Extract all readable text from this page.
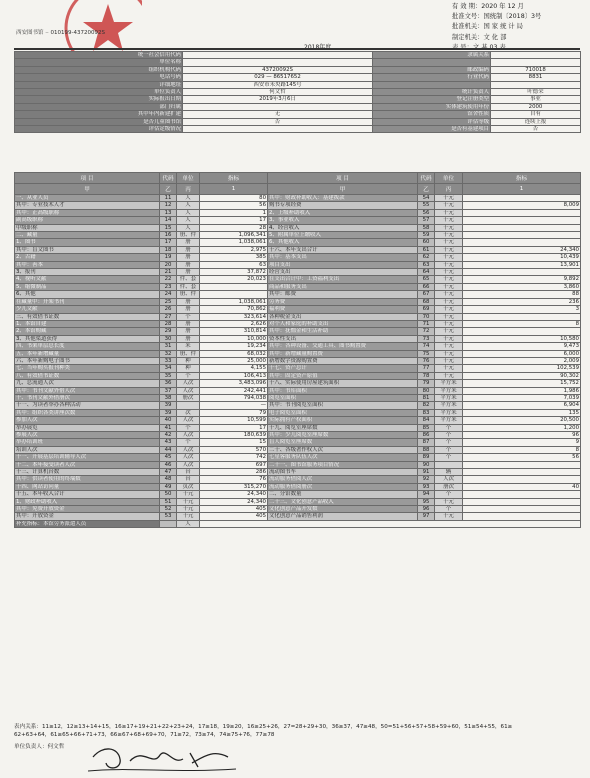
西安图书馆 ·· 010199-43720092S
有 效 期：2020 年 12 月
批准文号：国统制〔2018〕3号
批准机关：国 家 统 计 局
制定机关：文 化 部
统一社会信用代码		隶属关系	
单位名称			
组织机构代码	43720092S	邮政编码	710018
电话号码	029 — 86517652	行业代码	8831
详细地址	西安市未央路145号		
单位负责人	何文哲	统计负责人	叶德荣
实际报出日期	2019年3月6日	登记注册类型	事业
部门归属		实体建筑使用年份	2000
其中年内新建扩建	无	馆舍性质	自有
是否儿童图书馆	否	评估等级	连续上报
评估定级情况		是否有基建项目	否
项 目	代码	单位	指标	项 目	代码	单位	指标
甲	乙	丙	1	甲	乙	丙	1
一、从业人员	11	人	80	其中：财政补助收入：基建拨款	54	千元	
其中：专业技术人才	12	人	56	购书专项经费	55	千元	8,009
其中：正高级职称	13	人	1	2、上级补助收入	56	千元	
副高级职称	14	人	17	3、事业收入	57	千元	
中级职称	15	人	28	4、经营收入	58	千元	
二、藏量	16	册、件	1,096,341	5、附属单位上缴收入	59	千元	
1、图书	17	册	1,038,061	6、其他收入	60	千元	
其中：盲文图书	18	册	2,975	十六、本年支出合计	61	千元	24,340
2、古籍	19	册	385	其中：基本支出	62	千元	10,439
其中：善本	20	册	63	项目支出	63	千元	13,901
3、报刊	21	册	37,872	经营支出	64	千元	
4、视听文献	22	件、套	20,023	在支出合计中：工资福利支出	65	千元	9,892
5、缩微制品	23	件、套		商品和服务支出	66	千元	3,860
6、其他	24	册、件		其中：邮费	67	千元	88
在藏量中：开架书刊	25	册	1,038,061	劳务费	68	千元	236
少儿文献	26	册	70,862	福利费	69	千元	3
三、有效借书证数	27	个	323,614	各种税金支出	70	千元	
1、本馆自建	28	册	2,626	对个人和家庭的补助支出	71	千元	8
2、本馆购藏	29	册	310,814	其中：抚恤金和生活补助	72	千元	
3、其他渠道获得	30	册	10,000	资本性支出	73	千元	10,580
四、书架单层总长度	31	米	19,234	其中：各种设备、交通工具、图书购置费	74	千元	9,473
五、本年新增藏量	32	册、件	68,032	其中：新增藏量购置费	75	千元	6,000
六、本年新购电子图书	33	种	25,000	新增数字资源购置费	76	千元	2,009
七、当年购买报刊种类	34	种	4,155	十七、资产总计	77	千元	102,539
八、有效借书证数	35	个	106,413	其中：固定资产原值	78	千元	90,302
九、总流通人次	36	人次	3,483,096	十八、实际使用房屋建筑面积	79	平方米	15,752
其中：书刊文献外借人次	37	人次	242,441	其中：书库面积	80	平方米	1,986
十、书刊文献外借册次	38	册次	794,038	阅览室面积	81	平方米	7,039
十一、为读者举办各种活动	39		—	其中：书刊阅览室面积	82	平方米	6,904
其中：组织各类讲座次数	39	次	79	电子阅览室面积	83	平方米	135
参加人次	40	人次	10,599	实际拥有产权面积	84	平方米	20,500
举办展览	41	个	17	十九、阅览室座席数	85	个	1,200
参展人次	42	人次	180,639	其中：少儿阅览室座席数	86	个	96
举办培训班	43	个	15	盲人阅览室座席数	87	个	9
培训人次	44	人次	570	二十、各级著作权人次	88	个	8
十一、开展基层培训辅导人次	45	人次	742	七星客服务队伍人次	89	个	56
十二、本年接受读者人次	46	人次	697	二十一、图书馆服务项目情况	90		
十三、计算机台数	47	台	286	流动图书车	91	辆	
其中：供读者使用的终端数	48	台	76	流动服务借阅人次	92	人次	
十四、网站访问量	49	页次	315,270	流动服务借阅册次	93	册次	40
十五、本年收入合计	50	千元	24,340	二、分馆数量	94	个	
1、财政补助收入	51	千元	24,340	二十三、文化创意产品收入	95	千元	
其中：免费开放资金	52	千元	405	文化创意产品开发数	96	个	
其中：开放资金	53	千元	405	文化创意产品销售利润	97	千元	
补充指标：本馆劳务派遣人员		人					
表内关系：11≥12，12≥13+14+15，16≥17+19+21+22+23+24，17≥18，19≥20，16≥25+26，27=28+29+30，36≥37，47≥48，50=51+56+57+58+59+60，51≥54+55，61≥
62+63+64，61≥65+66+71+73，66≥67+68+69+70，71≥72，73≥74，74≥75+76，77≥78
单位负责人：何文哲
